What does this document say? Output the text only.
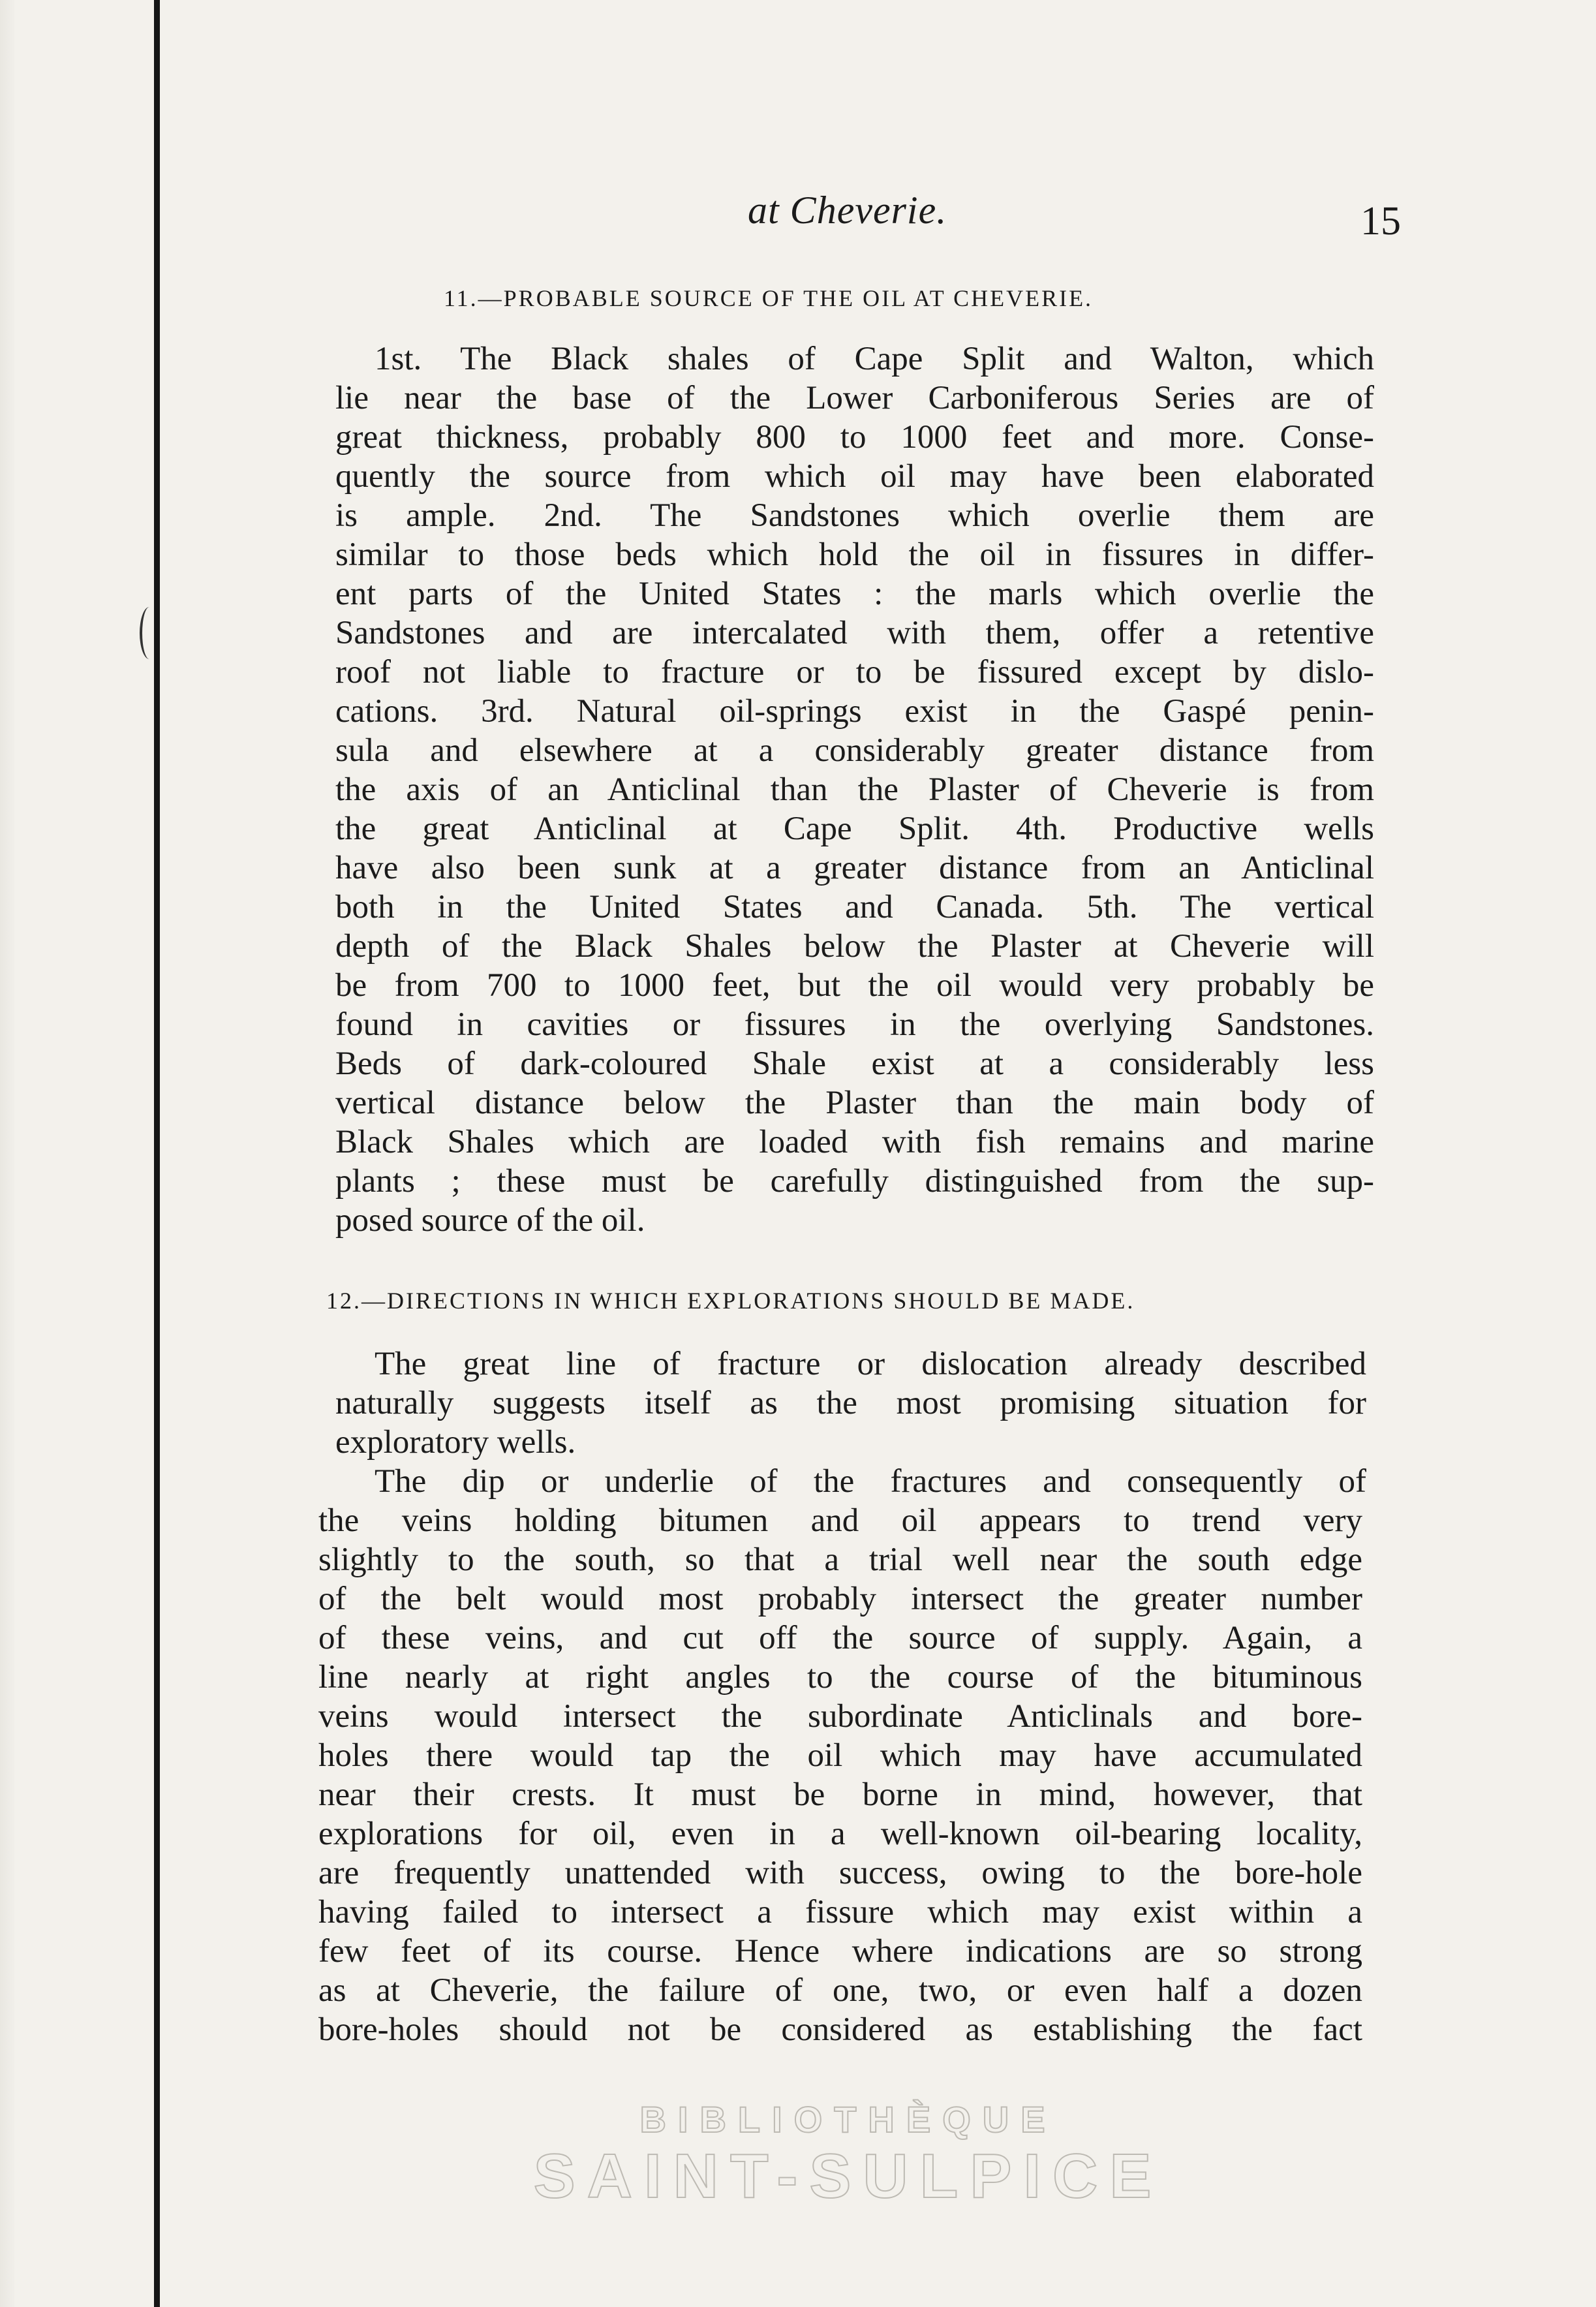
at Cheverie.	15
11.—PROBABLE SOURCE OF THE OIL AT CHEVERIE.
1st. The Black shales of Cape Split and Walton, which
lie near the base of the Lower Carboniferous Series are of
great thickness, probably 800 to 1000 feet and more. Conse-
quently the source from which oil may have been elaborated
is ample. 2nd. The Sandstones which overlie them are
similar to those beds which hold the oil in fissures in differ-
ent parts of the United States : the marls which overlie the
Sandstones and are intercalated with them, offer a retentive
roof not liable to fracture or to be fissured except by dislo-
cations. 3rd. Natural oil-springs exist in the Gaspé penin-
sula and elsewhere at a considerably greater distance from
the axis of an Anticlinal than the Plaster of Cheverie is from
the great Anticlinal at Cape Split. 4th. Productive wells
have also been sunk at a greater distance from an Anticlinal
both in the United States and Canada. 5th. The vertical
depth of the Black Shales below the Plaster at Cheverie will
be from 700 to 1000 feet, but the oil would very probably be
found in cavities or fissures in the overlying Sandstones.
Beds of dark-coloured Shale exist at a considerably less
vertical distance below the Plaster than the main body of
Black Shales which are loaded with fish remains and marine
plants ; these must be carefully distinguished from the sup-
posed source of the oil.
12.—DIRECTIONS IN WHICH EXPLORATIONS SHOULD BE MADE.
The great line of fracture or dislocation already described
naturally suggests itself as the most promising situation for
exploratory wells.
The dip or underlie of the fractures and consequently of
the veins holding bitumen and oil appears to trend very
slightly to the south, so that a trial well near the south edge
of the belt would most probably intersect the greater number
of these veins, and cut off the source of supply. Again, a
line nearly at right angles to the course of the bituminous
veins would intersect the subordinate Anticlinals and bore-
holes there would tap the oil which may have accumulated
near their crests. It must be borne in mind, however, that
explorations for oil, even in a well-known oil-bearing locality,
are frequently unattended with success, owing to the bore-hole
having failed to intersect a fissure which may exist within a
few feet of its course. Hence where indications are so strong
as at Cheverie, the failure of one, two, or even half a dozen
bore-holes should not be considered as establishing the fact
BIBLIOTHÈQUE
SAINT-SULPICE
